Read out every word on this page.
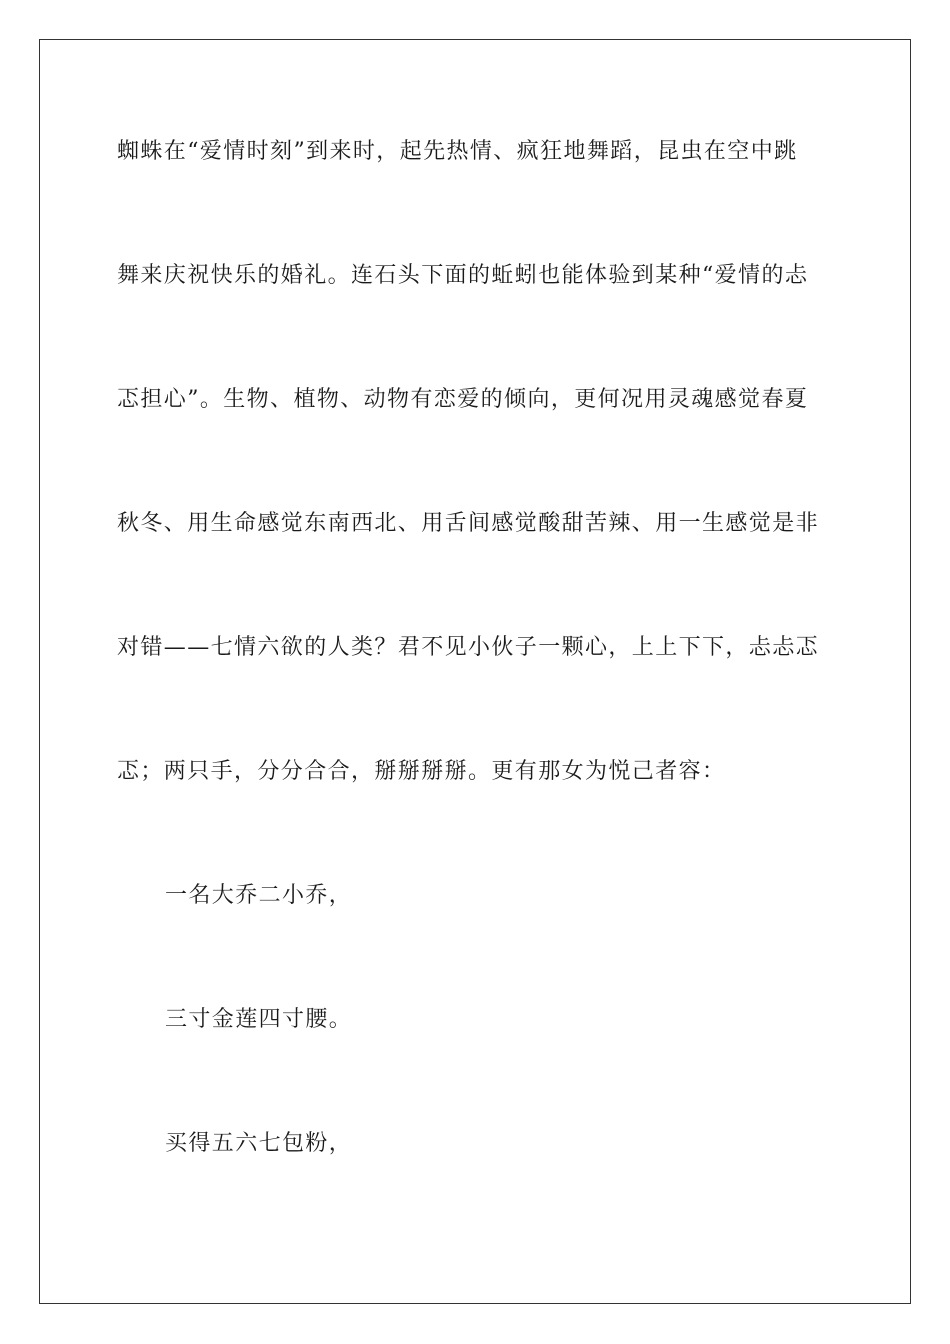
蜘蛛在“爱情时刻”到来时，起先热情、疯狂地舞蹈，昆虫在空中跳
舞来庆祝快乐的婚礼。连石头下面的蚯蚓也能体验到某种“爱情的忐
忑担心”。生物、植物、动物有恋爱的倾向，更何况用灵魂感觉春夏
秋冬、用生命感觉东南西北、用舌间感觉酸甜苦辣、用一生感觉是非
对错——七情六欲的人类？君不见小伙子一颗心，上上下下，忐忐忑
忑；两只手，分分合合，掰掰掰掰。更有那女为悦己者容：
一名大乔二小乔，
三寸金莲四寸腰。
买得五六七包粉，
